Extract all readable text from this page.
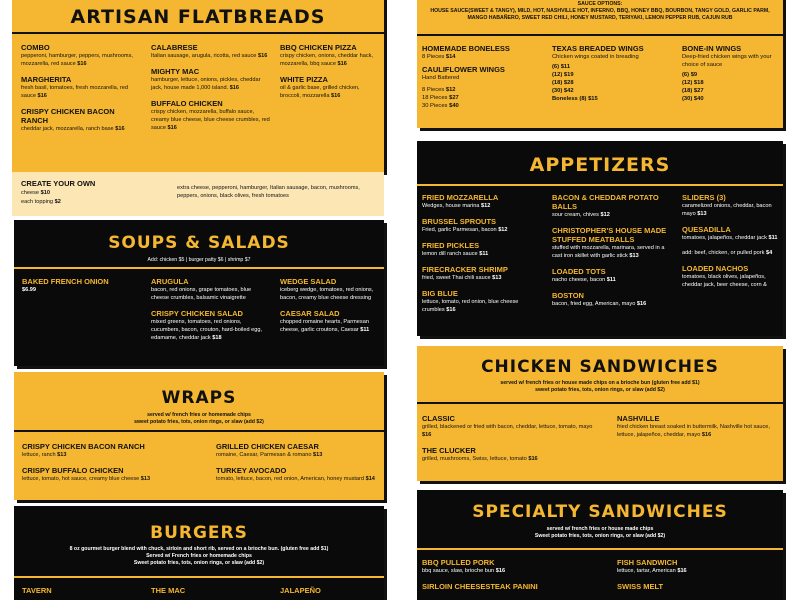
ARTISAN FLATBREADS
COMBO
pepperoni, hamburger, peppers, mushrooms, mozzarella, red sauce $16
MARGHERITA
fresh basil, tomatoes, fresh mozzarella, red sauce $16
CRISPY CHICKEN BACON RANCH
cheddar jack, mozzarella, ranch base $16
CALABRESE
Italian sausage, arugula, ricotta, red sauce $16
MIGHTY MAC
hamburger, lettuce, onions, pickles, cheddar jack, house made 1,000 island. $16
BUFFALO CHICKEN
crispy chicken, mozzarella, buffalo sauce, creamy blue cheese, blue cheese crumbles, red sauce $16
BBQ CHICKEN PIZZA
crispy chicken, onions, cheddar hack, mozzarella, bbq sauce $16
WHITE PIZZA
oil & garlic base, grilled chicken, broccoli, mozzarella $16
CREATE YOUR OWN
cheese $10
each topping $2
extra cheese, pepperoni, hamburger, Italian sausage, bacon, mushrooms, peppers, onions, black olives, fresh tomatoes
SOUPS & SALADS
Add: chicken $5 | burger patty $6 | shrimp $7
BAKED FRENCH ONION
$6.99
ARUGULA
bacon, red onions, grape tomatoes, blue cheese crumbles, balsamic vinaigrette
CRISPY CHICKEN SALAD
mixed greens, tomatoes, red onions, cucumbers, bacon, crouton, hard-boiled egg, edamame, cheddar jack $18
WEDGE SALAD
iceberg wedge, tomatoes, red onions, bacon, creamy blue cheese dressing
CAESAR SALAD
chopped romaine hearts, Parmesan cheese, garlic croutons, Caesar $11
WRAPS
served w/ french fries or homemade chips
sweet potato fries, tots, onion rings, or slaw (add $2)
CRISPY CHICKEN BACON RANCH
lettuce, ranch $13
CRISPY BUFFALO CHICKEN
lettuce, tomato, hot sauce, creamy blue cheese $13
GRILLED CHICKEN CAESAR
romaine, Caesar, Parmesan & romano $13
TURKEY AVOCADO
tomato, lettuce, bacon, red onion, American, honey mustard $14
BURGERS
8 oz gourmet burger blend with chuck, sirloin and short rib, served on a brioche bun. (gluten free add $1)
Served w/ French fries or homemade chips
Sweet potato fries, tots, onion rings, or slaw (add $2)
TAVERN	THE MAC	JALAPEÑO
SAUCE OPTIONS:
HOUSE SAUCE(SWEET & TANGY), MILD, HOT, NASHVILLE HOT, INFERNO, BBQ, HONEY BBQ, BOURBON, TANGY GOLD, GARLIC PARM, MANGO HABAÑERO, SWEET RED CHILI, HONEY MUSTARD, TERIYAKI, LEMON PEPPER RUB, CAJUN RUB
HOMEMADE BONELESS
8 Pieces $14
CAULIFLOWER WINGS
Hand Battered
8 Pieces $12
18 Pieces $27
30 Pieces $40
TEXAS BREADED WINGS
Chicken wings coated in breading
(6) $11
(12) $19
(18) $28
(30) $42
Boneless (8) $15
BONE-IN WINGS
Deep-fried chicken wings with your choice of sauce
(6) $9
(12) $18
(18) $27
(30) $40
APPETIZERS
FRIED MOZZARELLA
Wedges, house marina $12
BRUSSEL SPROUTS
Fried, garlic Parmesan, bacon $12
FRIED PICKLES
lemon dill ranch sauce $11
FIRECRACKER SHRIMP
fried, sweet Thai chili sauce $13
BIG BLUE
lettuce, tomato, red onion, blue cheese crumbles $16
BACON & CHEDDAR POTATO BALLS
sour cream, chives $12
CHRISTOPHER'S HOUSE MADE STUFFED MEATBALLS
stuffed with mozzarella, marinara, served in a cast iron skillet with garlic stick $13
LOADED TOTS
nacho cheese, bacon $11
BOSTON
bacon, fried egg, American, mayo $16
SLIDERS (3)
caramelized onions, cheddar, bacon mayo $13
QUESADILLA
tomatoes, jalapeños, cheddar jack $11
add: beef, chicken, or pulled pork $4
LOADED NACHOS
tomatoes, black olives, jalapeños, cheddar jack, beer cheese, corn &
CHICKEN SANDWICHES
served w/ french fries or house made chips on a brioche bun (gluten free add $1)
sweet potato fries, tots, onion rings, or slaw (add $2)
CLASSIC
grilled, blackened or fried with bacon, cheddar, lettuce, tomato, mayo $16
THE CLUCKER
grilled, mushrooms, Swiss, lettuce, tomato $16
NASHVILLE
fried chicken breast soaked in buttermilk, Nashville hot sauce, lettuce, jalapeños, cheddar, mayo $16
SPECIALTY SANDWICHES
served w/ french fries or house made chips
Sweet potato fries, tots, onion rings, or slaw (add $2)
BBQ PULLED PORK
bbq sauce, slaw, brioche bun $16
SIRLOIN CHEESESTEAK PANINI
FISH SANDWICH
lettuce, tartar, American $16
SWISS MELT
